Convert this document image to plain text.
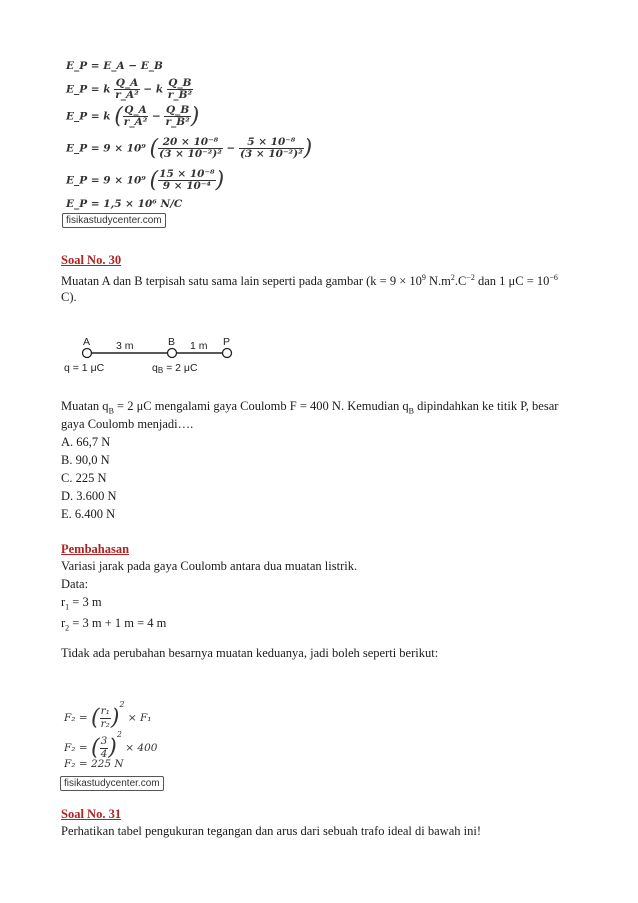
E_P = E_A − E_B
E_P = k $\frac{Q\_A}{\text{r\_A²}} - k \frac{Q\_B}{\text{r\_B²}}$
E_P = k ( $\frac{Q\_A}{\text{r\_A²}} - \frac{Q\_B}{\text{r\_B²}}$ )
E_P = 9 × 10⁹ ( $\frac{\text{20 × 10⁻⁸}}{\text{(3 × 10⁻²)²}} - \frac{\text{5 × 10⁻⁸}}{\text{(3 × 10⁻²)²}}$ )
E_P = 9 × 10⁹ ( $\frac{\text{15 × 10⁻⁸}}{\text{9 × 10⁻⁴}}$ )
E_P = 1,5 × 10⁶ N/C
fisikastudycenter.com
Soal No. 30
Muatan A dan B terpisah satu sama lain seperti pada gambar ($k = 9 \times 10^9$ $N.m^2.C^{-2}$ dan 1 $\mu C = 10^{-6}$
C).
A	B	P
3 m	1 m
q = 1 μC	qB = 2 μC
Muatan $q_B = 2$ μC mengalami gaya Coulomb F = 400 N. Kemudian $q_B$ dipindahkan ke titik P, besar
gaya Coulomb menjadi….
A. 66,7 N
B. 90,0 N
C. 225 N
D. 3.600 N
E. 6.400 N
Pembahasan
Variasi jarak pada gaya Coulomb antara dua muatan listrik.
Data:
$r_1 = 3$ m
$r_2 = 3$ m + 1 m = 4 m
Tidak ada perubahan besarnya muatan keduanya, jadi boleh seperti berikut:
F₂ = ( $\frac{\text{r₁}}{\text{r₂}} )^2 \times F_1$
F₂ = ( $\frac{3}{4} )^2 \times 400$
F₂ = 225 N
fisikastudycenter.com
Soal No. 31
Perhatikan tabel pengukuran tegangan dan arus dari sebuah trafo ideal di bawah ini!
